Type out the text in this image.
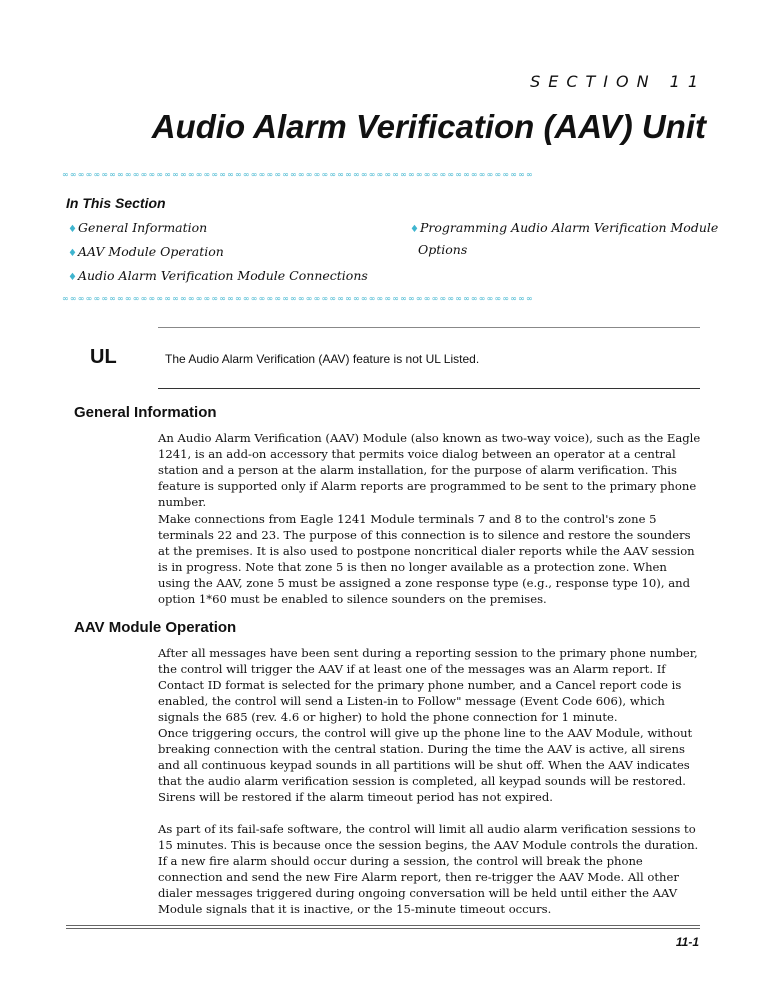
SECTION 11
Audio Alarm Verification (AAV) Unit
∞∞∞∞∞∞∞∞∞∞∞∞∞∞∞∞∞∞∞∞∞∞∞∞∞∞∞∞∞∞∞∞∞∞∞∞∞∞∞∞∞∞∞∞∞∞∞∞∞∞∞∞∞∞∞∞∞∞∞∞
In This Section
♦General Information
♦AAV Module Operation
♦Audio Alarm Verification Module Connections
♦Programming Audio Alarm Verification Module
Options
∞∞∞∞∞∞∞∞∞∞∞∞∞∞∞∞∞∞∞∞∞∞∞∞∞∞∞∞∞∞∞∞∞∞∞∞∞∞∞∞∞∞∞∞∞∞∞∞∞∞∞∞∞∞∞∞∞∞∞∞
UL	The Audio Alarm Verification (AAV) feature is not UL Listed.
General Information

An Audio Alarm Verification (AAV) Module (also known as two-way voice), such as the Eagle 1241, is an add-on accessory that permits voice dialog between an operator at a central station and a person at the alarm installation, for the purpose of alarm verification. This feature is supported only if Alarm reports are programmed to be sent to the primary phone number.

Make connections from Eagle 1241 Module terminals 7 and 8 to the control's zone 5 terminals 22 and 23. The purpose of this connection is to silence and restore the sounders at the premises. It is also used to postpone noncritical dialer reports while the AAV session is in progress. Note that zone 5 is then no longer available as a protection zone. When using the AAV, zone 5 must be assigned a zone response type (e.g., response type 10), and option 1*60 must be enabled to silence sounders on the premises.

AAV Module Operation

After all messages have been sent during a reporting session to the primary phone number, the control will trigger the AAV if at least one of the messages was an Alarm report. If Contact ID format is selected for the primary phone number, and a Cancel report code is enabled, the control will send a Listen-in to Follow" message (Event Code 606), which signals the 685 (rev. 4.6 or higher) to hold the phone connection for 1 minute.

Once triggering occurs, the control will give up the phone line to the AAV Module, without breaking connection with the central station. During the time the AAV is active, all sirens and all continuous keypad sounds in all partitions will be shut off. When the AAV indicates that the audio alarm verification session is completed, all keypad sounds will be restored. Sirens will be restored if the alarm timeout period has not expired.

As part of its fail-safe software, the control will limit all audio alarm verification sessions to 15 minutes. This is because once the session begins, the AAV Module controls the duration. If a new fire alarm should occur during a session, the control will break the phone connection and send the new Fire Alarm report, then re-trigger the AAV Mode. All other dialer messages triggered during ongoing conversation will be held until either the AAV Module signals that it is inactive, or the 15-minute timeout occurs.

11-1
